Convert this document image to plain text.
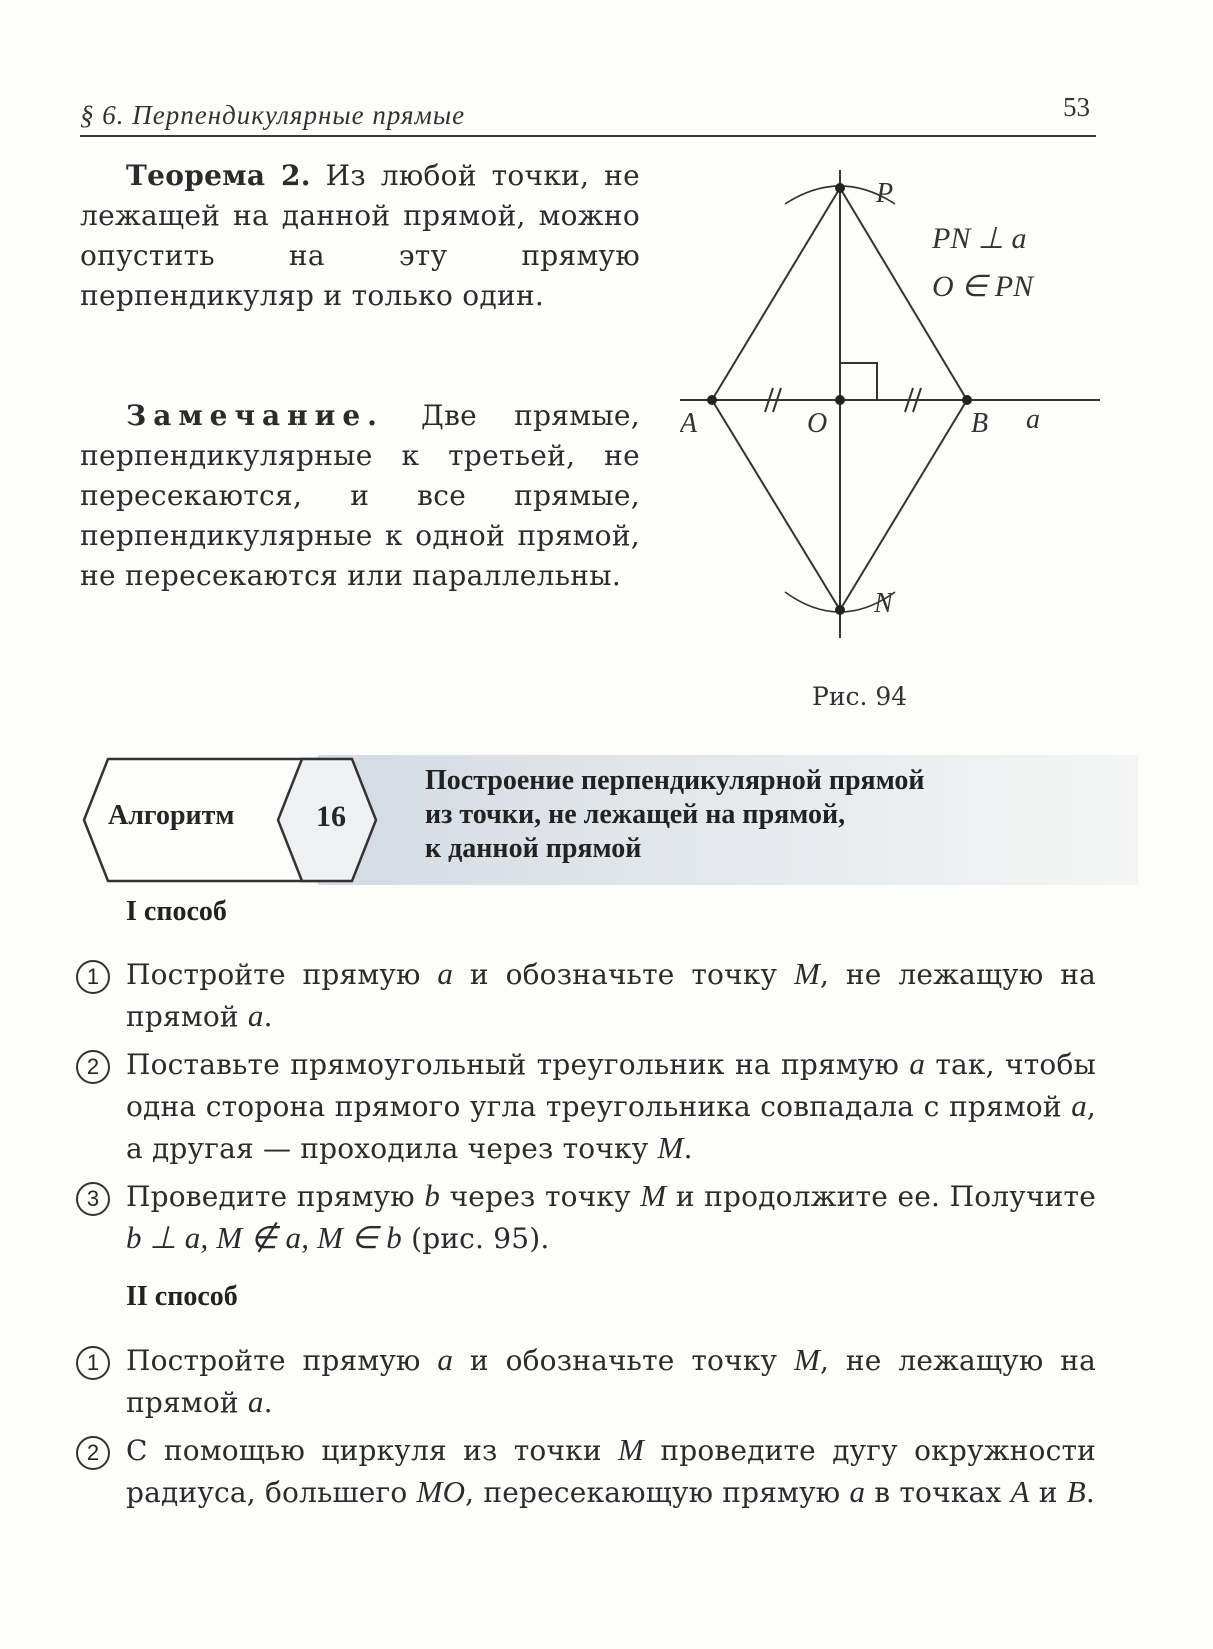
§ 6. Перпендикулярные прямые	53
Теорема 2. Из любой точки, не лежащей на данной прямой, можно опустить на эту прямую перпендикуляр и только один.
Замечание. Две прямые, перпендикулярные к третьей, не пересекаются, и все прямые, перпендикулярные к одной прямой, не пересекаются или параллельны.
P
N
A	O	B a
PN ⊥ a
O ∈ PN
Рис. 94
Алгоритм	16
Построение перпендикулярной прямой
из точки, не лежащей на прямой,
к данной прямой
I способ
1 Постройте прямую a и обозначьте точку M, не лежащую на прямой a.
2 Поставьте прямоугольный треугольник на прямую a так, чтобы одна сторона прямого угла треугольника совпадала с прямой a, а другая — проходила через точку M.
3 Проведите прямую b через точку M и продолжите ее. Получите b ⊥ a, M ∉ a, M ∈ b (рис. 95).
II способ
1 Постройте прямую a и обозначьте точку M, не лежащую на прямой a.
2 С помощью циркуля из точки M проведите дугу окружности радиуса, большего MO, пересекающую прямую a в точках A и B.
